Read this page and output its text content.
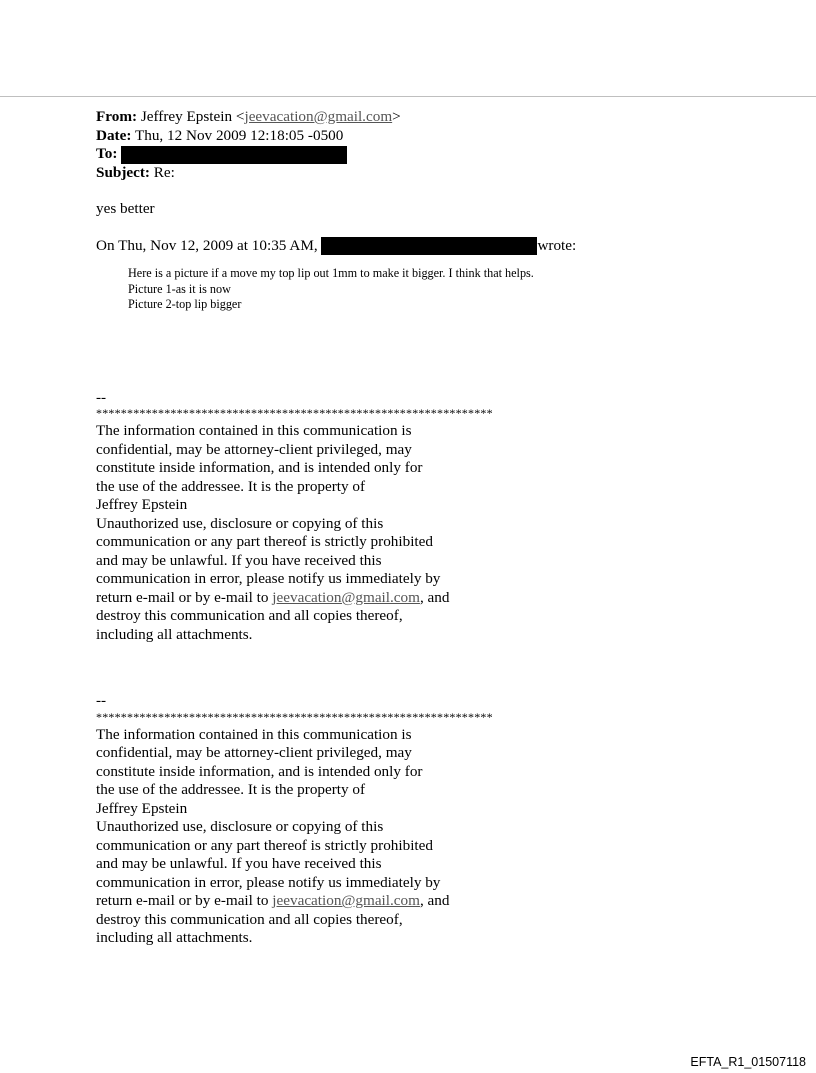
From: Jeffrey Epstein <jeevacation@gmail.com>
Date: Thu, 12 Nov 2009 12:18:05 -0500
To:
Subject: Re:

yes better

On Thu, Nov 12, 2009 at 10:35 AM,	wrote:
Here is a picture if a move my top lip out 1mm to make it bigger. I think that helps.
Picture 1-as it is now
Picture 2-top lip bigger
--
****************************************************************
The information contained in this communication is
confidential, may be attorney-client privileged, may
constitute inside information, and is intended only for
the use of the addressee. It is the property of
Jeffrey Epstein
Unauthorized use, disclosure or copying of this
communication or any part thereof is strictly prohibited
and may be unlawful. If you have received this
communication in error, please notify us immediately by
return e-mail or by e-mail to jeevacation@gmail.com, and
destroy this communication and all copies thereof,
including all attachments.
--
****************************************************************
The information contained in this communication is
confidential, may be attorney-client privileged, may
constitute inside information, and is intended only for
the use of the addressee. It is the property of
Jeffrey Epstein
Unauthorized use, disclosure or copying of this
communication or any part thereof is strictly prohibited
and may be unlawful. If you have received this
communication in error, please notify us immediately by
return e-mail or by e-mail to jeevacation@gmail.com, and
destroy this communication and all copies thereof,
including all attachments.
EFTA_R1_01507118
